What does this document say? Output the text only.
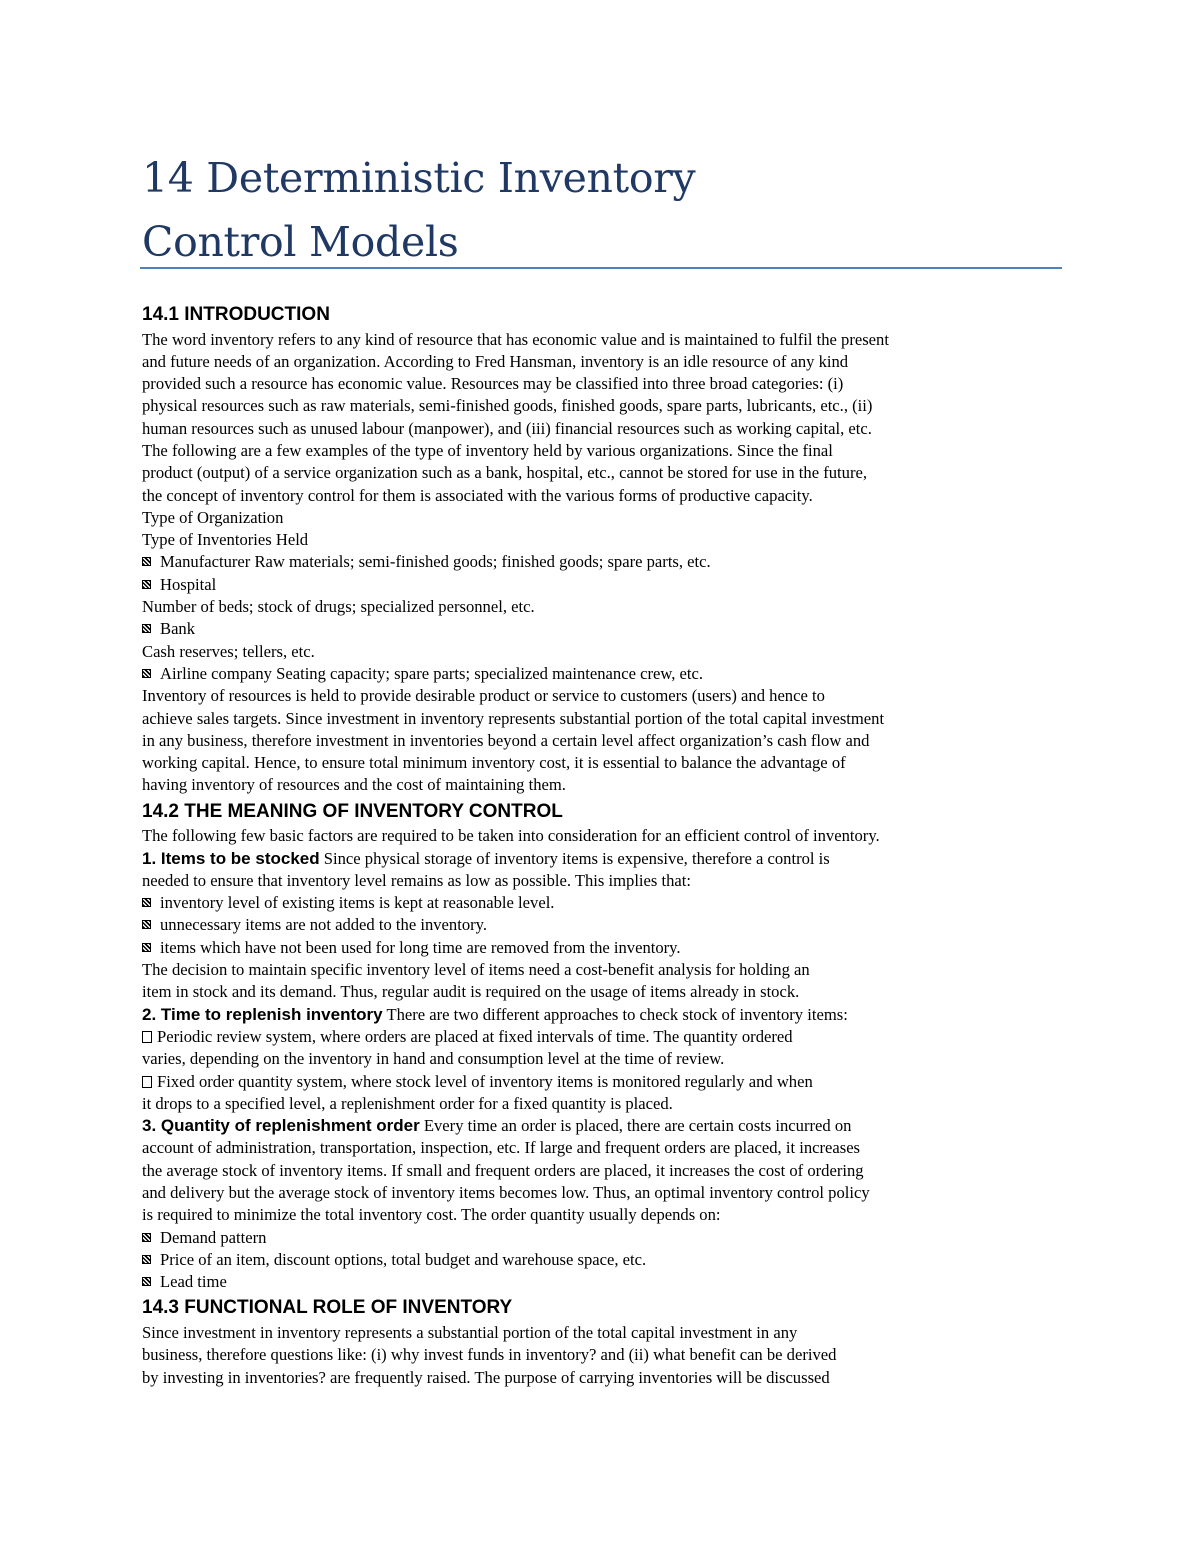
14 Deterministic Inventory
Control Models
14.1 INTRODUCTION
The word inventory refers to any kind of resource that has economic value and is maintained to fulfil the present
and future needs of an organization. According to Fred Hansman, inventory is an idle resource of any kind
provided such a resource has economic value. Resources may be classified into three broad categories: (i)
physical resources such as raw materials, semi-finished goods, finished goods, spare parts, lubricants, etc., (ii)
human resources such as unused labour (manpower), and (iii) financial resources such as working capital, etc.
The following are a few examples of the type of inventory held by various organizations. Since the final
product (output) of a service organization such as a bank, hospital, etc., cannot be stored for use in the future,
the concept of inventory control for them is associated with the various forms of productive capacity.
Type of Organization
Type of Inventories Held
Manufacturer Raw materials; semi-finished goods; finished goods; spare parts, etc.
Hospital
Number of beds; stock of drugs; specialized personnel, etc.
Bank
Cash reserves; tellers, etc.
Airline company Seating capacity; spare parts; specialized maintenance crew, etc.
Inventory of resources is held to provide desirable product or service to customers (users) and hence to
achieve sales targets. Since investment in inventory represents substantial portion of the total capital investment
in any business, therefore investment in inventories beyond a certain level affect organization’s cash flow and
working capital. Hence, to ensure total minimum inventory cost, it is essential to balance the advantage of
having inventory of resources and the cost of maintaining them.
14.2 THE MEANING OF INVENTORY CONTROL
The following few basic factors are required to be taken into consideration for an efficient control of inventory.
1. Items to be stocked Since physical storage of inventory items is expensive, therefore a control is
needed to ensure that inventory level remains as low as possible. This implies that:
inventory level of existing items is kept at reasonable level.
unnecessary items are not added to the inventory.
items which have not been used for long time are removed from the inventory.
The decision to maintain specific inventory level of items need a cost-benefit analysis for holding an
item in stock and its demand. Thus, regular audit is required on the usage of items already in stock.
2. Time to replenish inventory There are two different approaches to check stock of inventory items:
Periodic review system, where orders are placed at fixed intervals of time. The quantity ordered
varies, depending on the inventory in hand and consumption level at the time of review.
Fixed order quantity system, where stock level of inventory items is monitored regularly and when
it drops to a specified level, a replenishment order for a fixed quantity is placed.
3. Quantity of replenishment order Every time an order is placed, there are certain costs incurred on
account of administration, transportation, inspection, etc. If large and frequent orders are placed, it increases
the average stock of inventory items. If small and frequent orders are placed, it increases the cost of ordering
and delivery but the average stock of inventory items becomes low. Thus, an optimal inventory control policy
is required to minimize the total inventory cost. The order quantity usually depends on:
Demand pattern
Price of an item, discount options, total budget and warehouse space, etc.
Lead time
14.3 FUNCTIONAL ROLE OF INVENTORY
Since investment in inventory represents a substantial portion of the total capital investment in any
business, therefore questions like: (i) why invest funds in inventory? and (ii) what benefit can be derived
by investing in inventories? are frequently raised. The purpose of carrying inventories will be discussed
